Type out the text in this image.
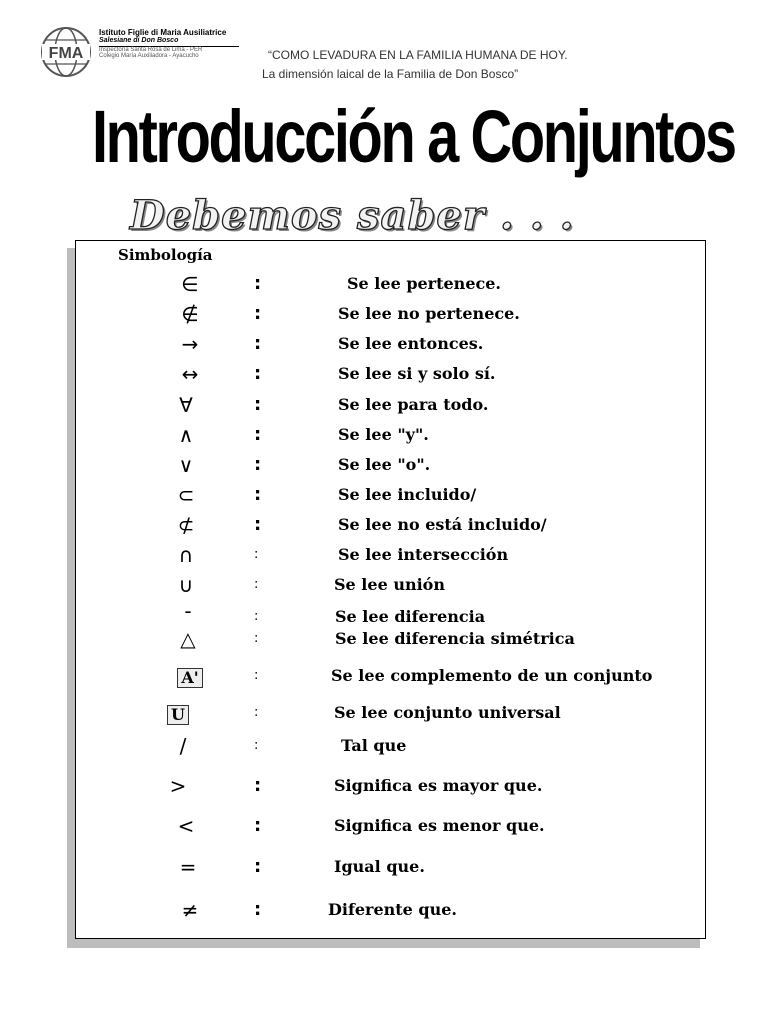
FMA
Istituto Figlie di Maria Ausiliatrice
Salesiane di Don Bosco
Inspectoría Santa Rosa de Lima - PER
Colegio María Auxiliadora - Ayacucho	“COMO LEVADURA EN LA FAMILIA HUMANA DE HOY.
La dimensión laical de la Familia de Don Bosco”
Introducción a Conjuntos
Debemos saber . . .
Simbología
∈	:	Se lee pertenece.
∉	:	Se lee no pertenece.
→	:	Se lee entonces.
↔	:	Se lee si y solo sí.
∀	:	Se lee para todo.
∧	:	Se lee "y".
∨	:	Se lee "o".
⊂	:	Se lee incluido/
⊄	:	Se lee no está incluido/
∩	:	Se lee intersección
∪	:	Se lee unión
-	:	Se lee diferencia
△	:	Se lee diferencia simétrica
A'	:	Se lee complemento de un conjunto
U	:	Se lee conjunto universal
/	:	Tal que
>	:	Significa es mayor que.
<	:	Significa es menor que.
=	:	Igual que.
≠	:	Diferente que.
